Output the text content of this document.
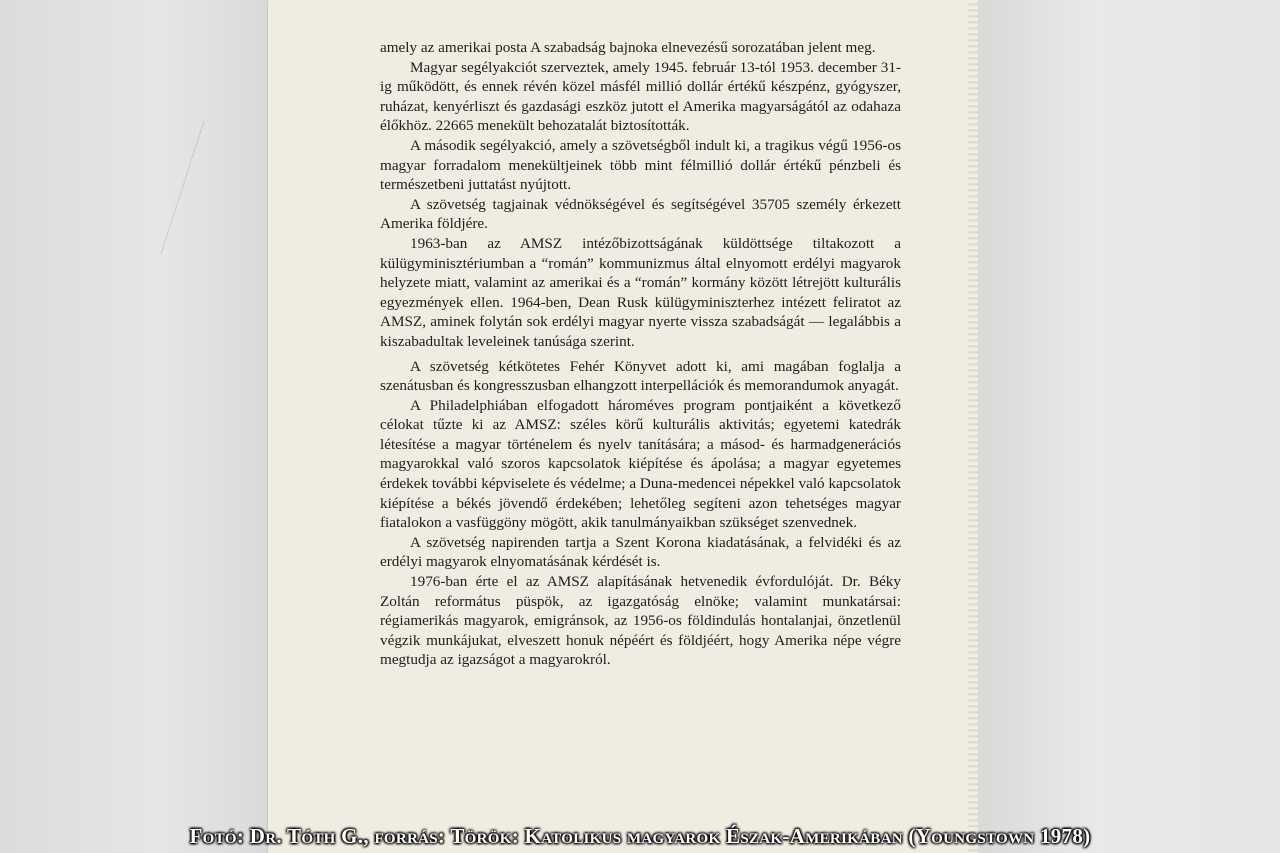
amely az amerikai posta A szabadság bajnoka elnevezésű sorozatában jelent meg.

Magyar segélyakciót szerveztek, amely 1945. február 13-tól 1953. december 31-ig működött, és ennek révén közel másfél millió dollár értékű készpénz, gyógyszer, ruházat, kenyérliszt és gazdasági eszköz jutott el Amerika magyarságától az odahaza élőkhöz. 22665 menekült behozatalát biztosították.

A második segélyakció, amely a szövetségből indult ki, a tragikus végű 1956-os magyar forradalom menekültjeinek több mint félmillió dollár értékű pénzbeli és természetbeni juttatást nyújtott.

A szövetség tagjainak védnökségével és segítségével 35705 személy érkezett Amerika földjére.

1963-ban az AMSZ intézőbizottságának küldöttsége tiltakozott a külügyminisztériumban a “román” kommunizmus által elnyomott erdélyi magyarok helyzete miatt, valamint az amerikai és a “román” kormány között létrejött kulturális egyezmények ellen. 1964-ben, Dean Rusk külügyminiszterhez intézett feliratot az AMSZ, aminek folytán sok erdélyi magyar nyerte vissza szabadságát — legalábbis a kiszabadultak leveleinek tanúsága szerint.

A szövetség kétkötetes Fehér Könyvet adott ki, ami magában foglalja a szenátusban és kongresszusban elhangzott interpellációk és memorandumok anyagát.

A Philadelphiában elfogadott hároméves program pontjaiként a következő célokat tűzte ki az AMSZ: széles körű kulturális aktivitás; egyetemi katedrák létesítése a magyar történelem és nyelv tanítására; a másod- és harmadgenerációs magyarokkal való szoros kapcsolatok kiépítése és ápolása; a magyar egyetemes érdekek további képviselete és védelme; a Duna-medencei népekkel való kapcsolatok kiépítése a békés jövendő érdekében; lehetőleg segíteni azon tehetséges magyar fiatalokon a vasfüggöny mögött, akik tanulmányaikban szükséget szenvednek.

A szövetség napirenden tartja a Szent Korona kiadatásának, a felvidéki és az erdélyi magyarok elnyomatásának kérdését is.

1976-ban érte el az AMSZ alapításának hetvenedik évfordulóját. Dr. Béky Zoltán református püspök, az igazgatóság elnöke; valamint munkatársai: régiamerikás magyarok, emigránsok, az 1956-os földindulás hontalanjai, önzetlenül végzik munkájukat, elveszett honuk népéért és földjéért, hogy Amerika népe végre megtudja az igazságot a magyarokról.

Fotó: Dr. Tóth G., forrás: Török: Katolikus magyarok Észak-Amerikában (Youngstown 1978)
